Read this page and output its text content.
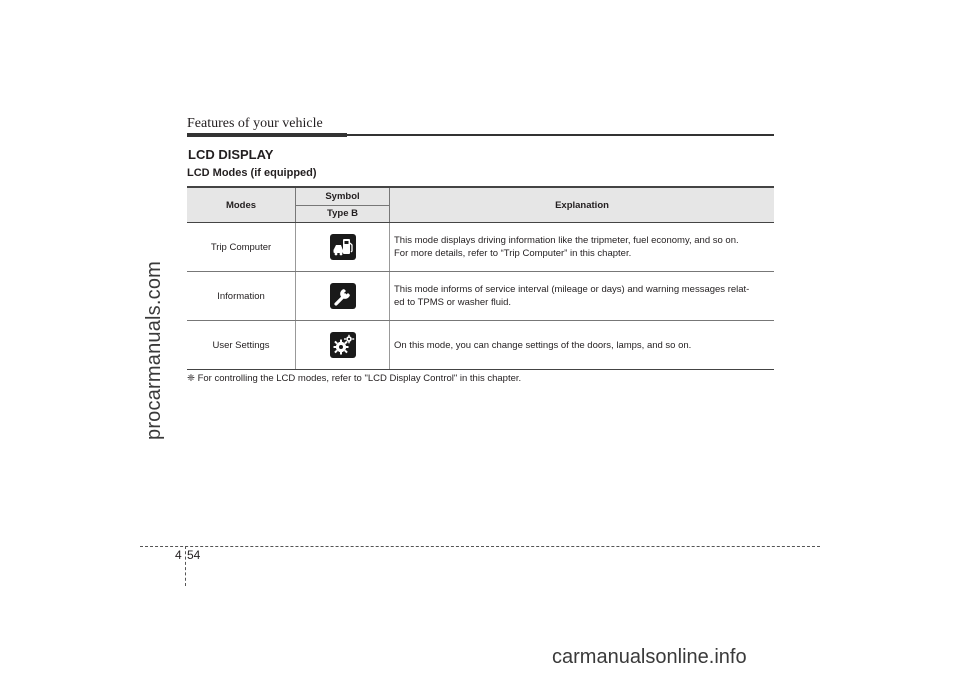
procarmanuals.com
Features of your vehicle
LCD DISPLAY
LCD Modes (if equipped)
Modes	Symbol	Explanation
	Type B	
Trip Computer		This mode displays driving information like the tripmeter, fuel economy, and so on.
For more details, refer to “Trip Computer” in this chapter.

Information		This mode informs of service interval (mileage or days) and warning messages relat-
ed to TPMS or washer fluid.

User Settings		On this mode, you can change settings of the doors, lamps, and so on.
❈ For controlling the LCD modes, refer to "LCD Display Control" in this chapter.
4 54
carmanualsonline.info
